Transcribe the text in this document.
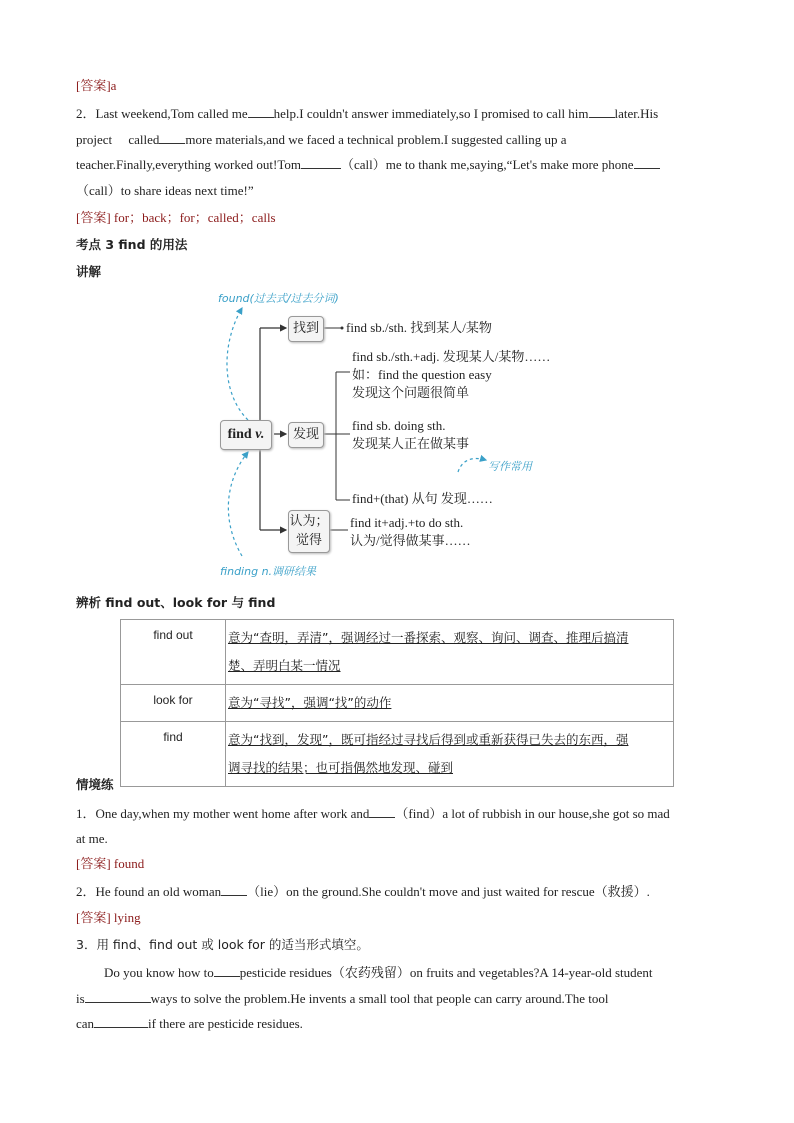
[答案]a
2．Last weekend,Tom called me help.I couldn't answer immediately,so I promised to call him later.His
project called more materials,and we faced a technical problem.I suggested calling up a
teacher.Finally,everything worked out!Tom	（call）me to thank me,saying,“Let's make more phone
（call）to share ideas next time!”
[答案] for；back；for；called；calls
考点 3 find 的用法
讲解
found(过去式/过去分词)
finding n.调研结果
写作常用
find v.
找到
发现
认为；
觉得
find sb./sth. 找到某人/某物
find sb./sth.+adj. 发现某人/某物……
如：find the question easy
发现这个问题很简单
find sb. doing sth.
发现某人正在做某事
find+(that) 从句 发现……
find it+adj.+to do sth.
认为/觉得做某事……
辨析 find out、look for 与 find
find out	意为“查明，弄清”，强调经过一番探索、观察、询问、调查、推理后搞清
楚、弄明白某一情况

look for	意为“寻找”，强调“找”的动作

find	意为“找到，发现”，既可指经过寻找后得到或重新获得已失去的东西，强
调寻找的结果；也可指偶然地发现、碰到
情境练
1．One day,when my mother went home after work and （find）a lot of rubbish in our house,she got so mad
at me.
[答案] found
2．He found an old woman （lie）on the ground.She couldn't move and just waited for rescue（救援）.
[答案] lying
3．用 find、find out 或 look for 的适当形式填空。
Do you know how to pesticide residues（农药残留）on fruits and vegetables?A 14-year-old student
is	ways to solve the problem.He invents a small tool that people can carry around.The tool
can	if there are pesticide residues.
